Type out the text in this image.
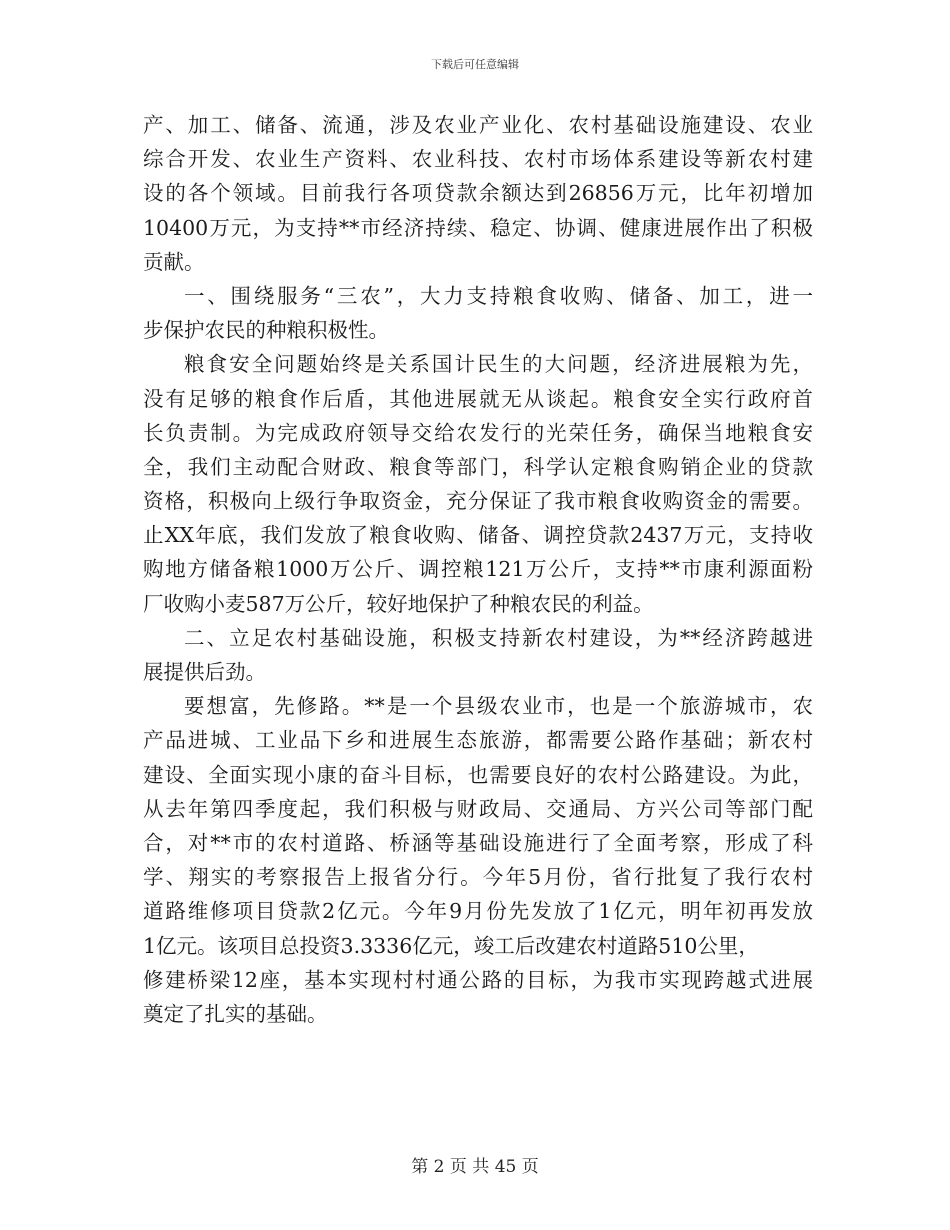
下载后可任意编辑
产、加工、储备、流通，涉及农业产业化、农村基础设施建设、农业
综合开发、农业生产资料、农业科技、农村市场体系建设等新农村建
设的各个领域。目前我行各项贷款余额达到26856万元，比年初增加
10400万元，为支持**市经济持续、稳定、协调、健康进展作出了积极
贡献。
一、围绕服务“三农”，大力支持粮食收购、储备、加工，进一
步保护农民的种粮积极性。
粮食安全问题始终是关系国计民生的大问题，经济进展粮为先，
没有足够的粮食作后盾，其他进展就无从谈起。粮食安全实行政府首
长负责制。为完成政府领导交给农发行的光荣任务，确保当地粮食安
全，我们主动配合财政、粮食等部门，科学认定粮食购销企业的贷款
资格，积极向上级行争取资金，充分保证了我市粮食收购资金的需要。
止XX年底，我们发放了粮食收购、储备、调控贷款2437万元，支持收
购地方储备粮1000万公斤、调控粮121万公斤，支持**市康利源面粉
厂收购小麦587万公斤，较好地保护了种粮农民的利益。
二、立足农村基础设施，积极支持新农村建设，为**经济跨越进
展提供后劲。
要想富，先修路。**是一个县级农业市，也是一个旅游城市，农
产品进城、工业品下乡和进展生态旅游，都需要公路作基础；新农村
建设、全面实现小康的奋斗目标，也需要良好的农村公路建设。为此，
从去年第四季度起，我们积极与财政局、交通局、方兴公司等部门配
合，对**市的农村道路、桥涵等基础设施进行了全面考察，形成了科
学、翔实的考察报告上报省分行。今年5月份，省行批复了我行农村
道路维修项目贷款2亿元。今年9月份先发放了1亿元，明年初再发放
1亿元。该项目总投资3.3336亿元，竣工后改建农村道路510公里，
修建桥梁12座，基本实现村村通公路的目标，为我市实现跨越式进展
奠定了扎实的基础。
第 2 页 共 45 页
